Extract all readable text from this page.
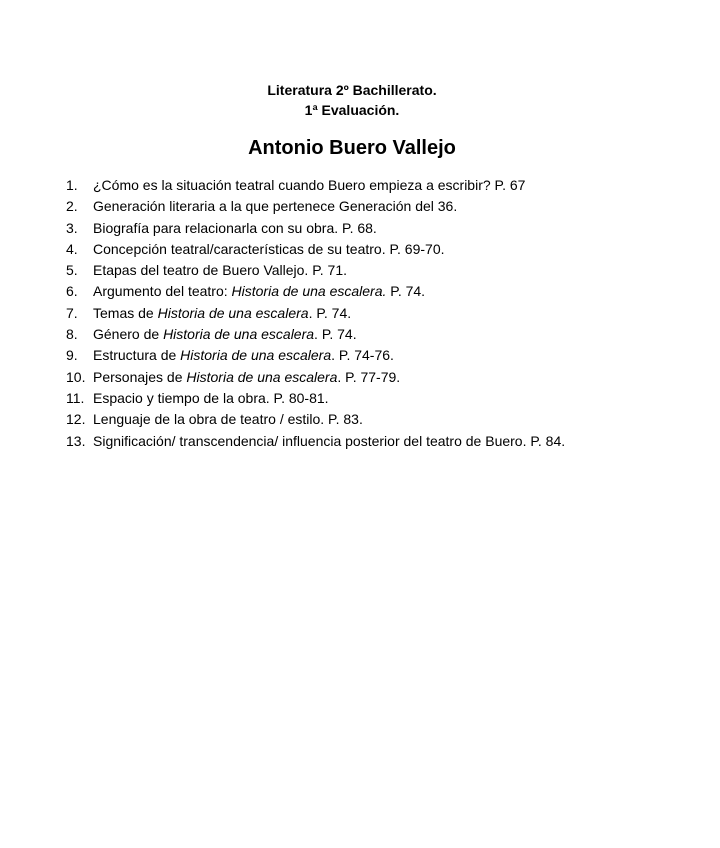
Literatura 2º Bachillerato.
1ª Evaluación.
Antonio Buero Vallejo
1. ¿Cómo es la situación teatral cuando Buero empieza a escribir? P. 67
2. Generación literaria a la que pertenece Generación del 36.
3. Biografía para relacionarla con su obra. P. 68.
4. Concepción teatral/características de su teatro. P. 69-70.
5. Etapas del teatro de Buero Vallejo. P. 71.
6. Argumento del teatro: Historia de una escalera. P. 74.
7. Temas de Historia de una escalera. P. 74.
8. Género de Historia de una escalera. P. 74.
9. Estructura de Historia de una escalera. P. 74-76.
10. Personajes de Historia de una escalera. P. 77-79.
11. Espacio y tiempo de la obra. P. 80-81.
12. Lenguaje de la obra de teatro / estilo. P. 83.
13. Significación/ transcendencia/ influencia posterior del teatro de Buero. P. 84.
